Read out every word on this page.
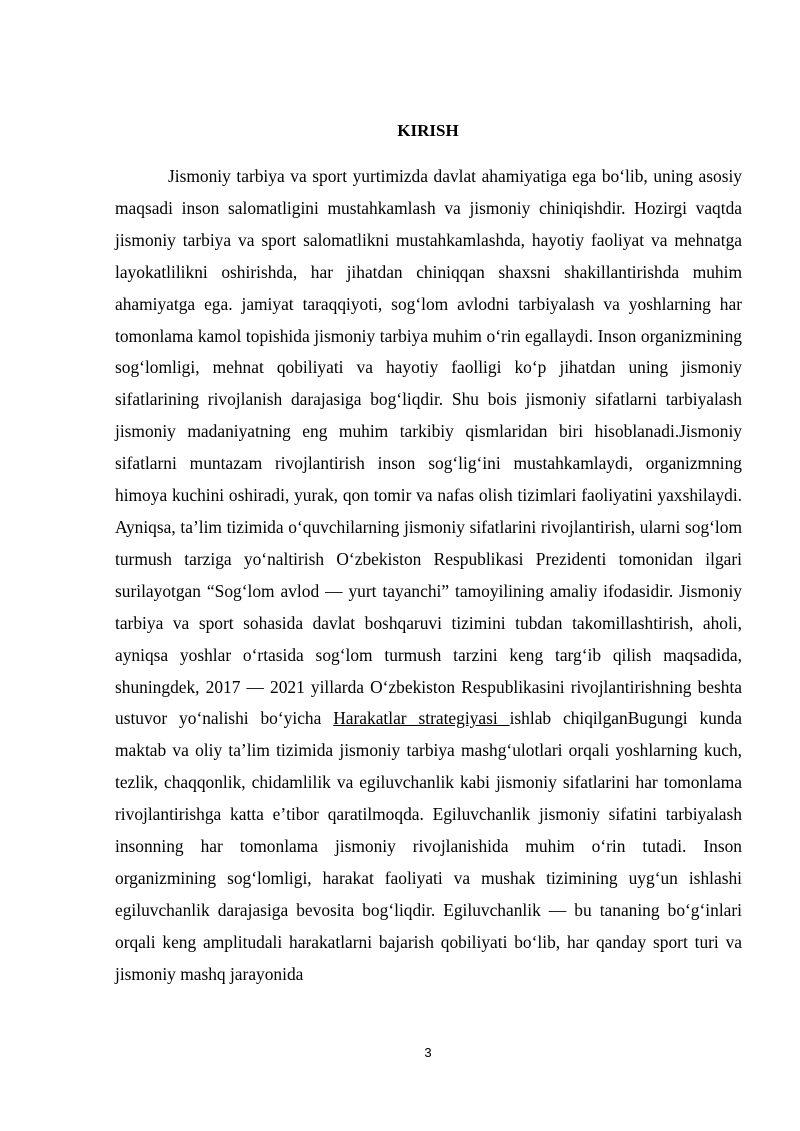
KIRISH

Jismoniy tarbiya va sport yurtimizda davlat ahamiyatiga ega boʻlib, uning asosiy maqsadi inson salomatligini mustahkamlash va jismoniy chiniqishdir. Hozirgi vaqtda jismoniy tarbiya va sport salomatlikni mustahkamlashda, hayotiy faoliyat va mehnatga layokatlilikni oshirishda, har jihatdan chiniqqan shaxsni shakillantirishda muhim ahamiyatga ega. jamiyat taraqqiyoti, sogʻlom avlodni tarbiyalash va yoshlarning har tomonlama kamol topishida jismoniy tarbiya muhim oʻrin egallaydi. Inson organizmining sogʻlomligi, mehnat qobiliyati va hayotiy faolligi koʻp jihatdan uning jismoniy sifatlarining rivojlanish darajasiga bogʻliqdir. Shu bois jismoniy sifatlarni tarbiyalash jismoniy madaniyatning eng muhim tarkibiy qismlaridan biri hisoblanadi.Jismoniy sifatlarni muntazam rivojlantirish inson sogʻligʻini mustahkamlaydi, organizmning himoya kuchini oshiradi, yurak, qon tomir va nafas olish tizimlari faoliyatini yaxshilaydi. Ayniqsa, taʼlim tizimida oʻquvchilarning jismoniy sifatlarini rivojlantirish, ularni sogʻlom turmush tarziga yoʻnaltirish Oʻzbekiston Respublikasi Prezidenti tomonidan ilgari surilayotgan “Sogʻlom avlod — yurt tayanchi” tamoyilining amaliy ifodasidir. Jismoniy tarbiya va sport sohasida davlat boshqaruvi tizimini tubdan takomillashtirish, aholi, ayniqsa yoshlar oʻrtasida sogʻlom turmush tarzini keng targʻib qilish maqsadida, shuningdek, 2017 — 2021 yillarda Oʻzbekiston Respublikasini rivojlantirishning beshta ustuvor yoʻnalishi boʻyicha Harakatlar strategiyasi ishlab chiqilganBugungi kunda maktab va oliy taʼlim tizimida jismoniy tarbiya mashgʻulotlari orqali yoshlarning kuch, tezlik, chaqqonlik, chidamlilik va egiluvchanlik kabi jismoniy sifatlarini har tomonlama rivojlantirishga katta eʼtibor qaratilmoqda. Egiluvchanlik jismoniy sifatini tarbiyalash insonning har tomonlama jismoniy rivojlanishida muhim oʻrin tutadi. Inson organizmining sogʻlomligi, harakat faoliyati va mushak tizimining uygʻun ishlashi egiluvchanlik darajasiga bevosita bogʻliqdir. Egiluvchanlik — bu tananing boʻgʻinlari orqali keng amplitudali harakatlarni bajarish qobiliyati boʻlib, har qanday sport turi va jismoniy mashq jarayonida

3
